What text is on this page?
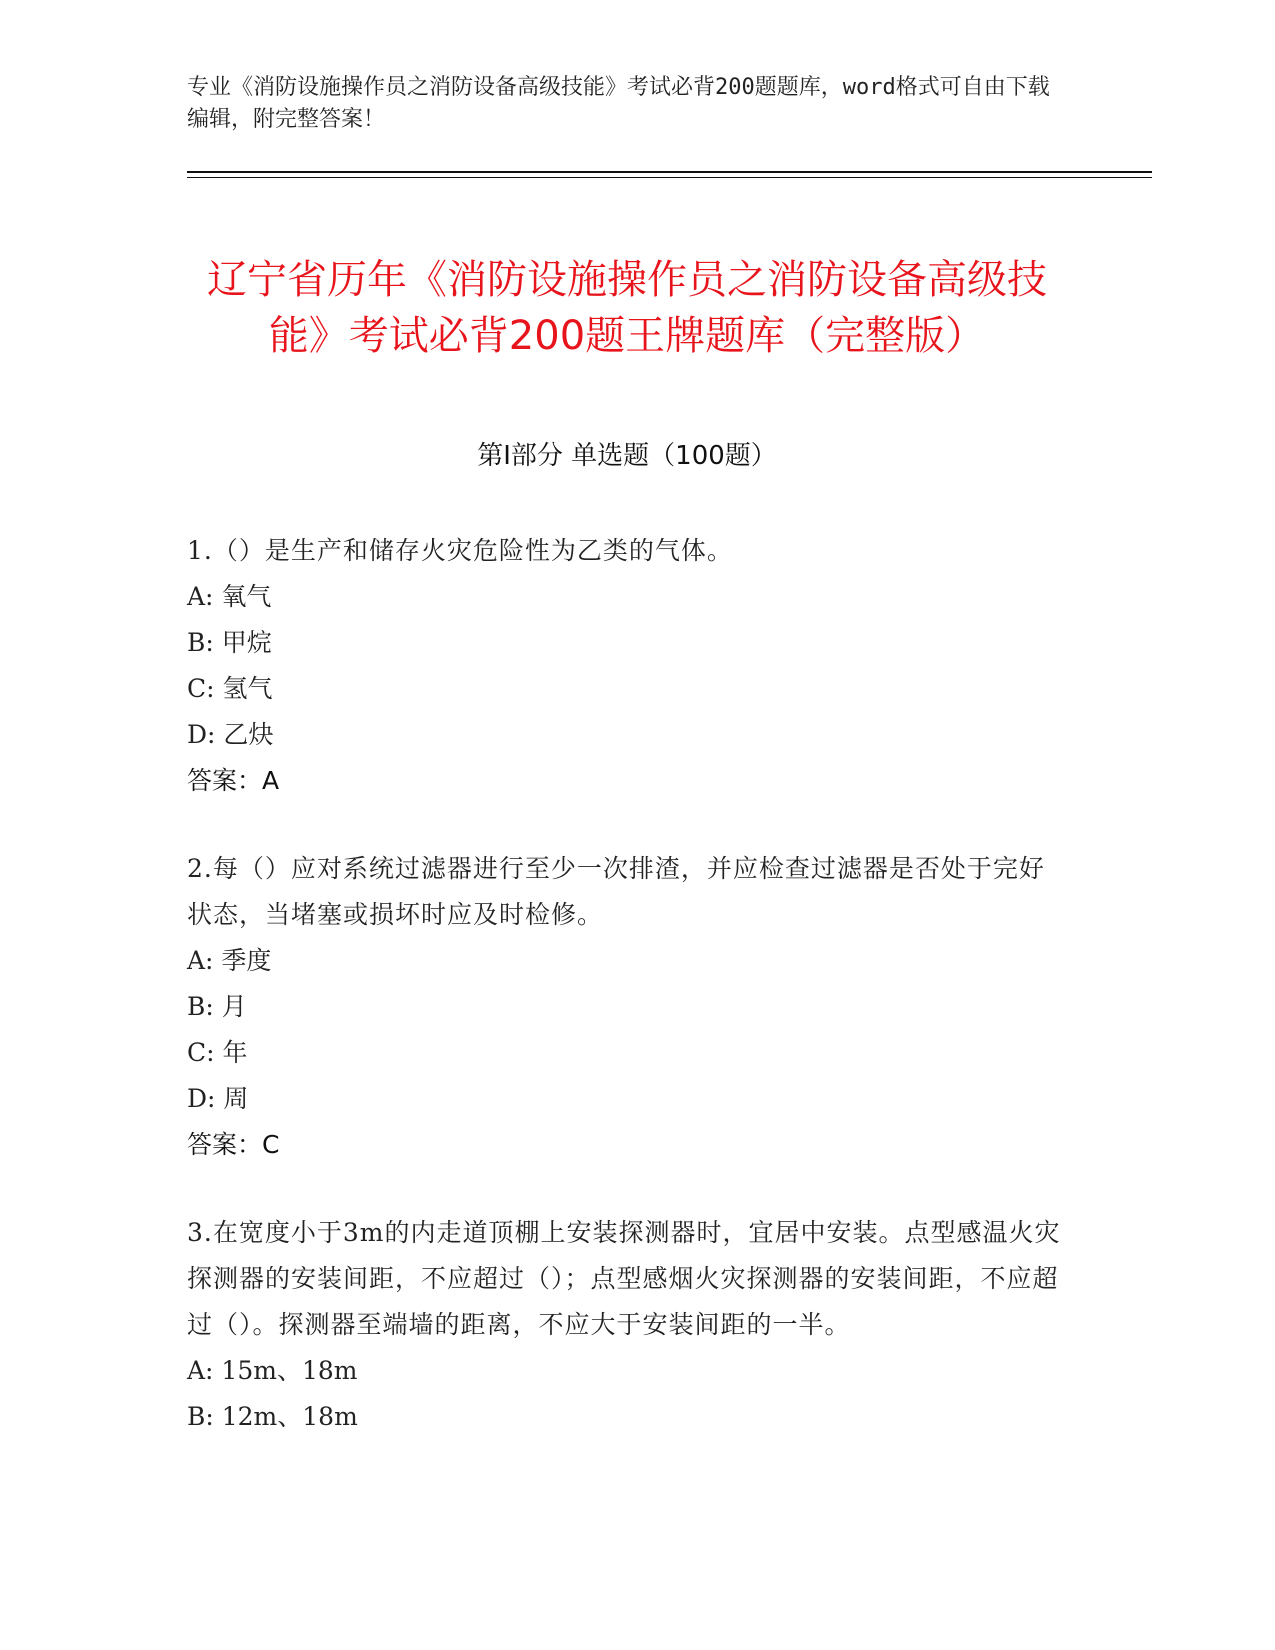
专业《消防设施操作员之消防设备高级技能》考试必背200题题库，word格式可自由下载编辑，附完整答案！
辽宁省历年《消防设施操作员之消防设备高级技能》考试必背200题王牌题库（完整版）
第I部分 单选题（100题）
1.（）是生产和储存火灾危险性为乙类的气体。
A: 氧气
B: 甲烷
C: 氢气
D: 乙炔
答案：A
2.每（）应对系统过滤器进行至少一次排渣，并应检查过滤器是否处于完好状态，当堵塞或损坏时应及时检修。
A: 季度
B: 月
C: 年
D: 周
答案：C
3.在宽度小于3m的内走道顶棚上安装探测器时，宜居中安装。点型感温火灾探测器的安装间距，不应超过（）；点型感烟火灾探测器的安装间距，不应超过（）。探测器至端墙的距离，不应大于安装间距的一半。
A: 15m、18m
B: 12m、18m
